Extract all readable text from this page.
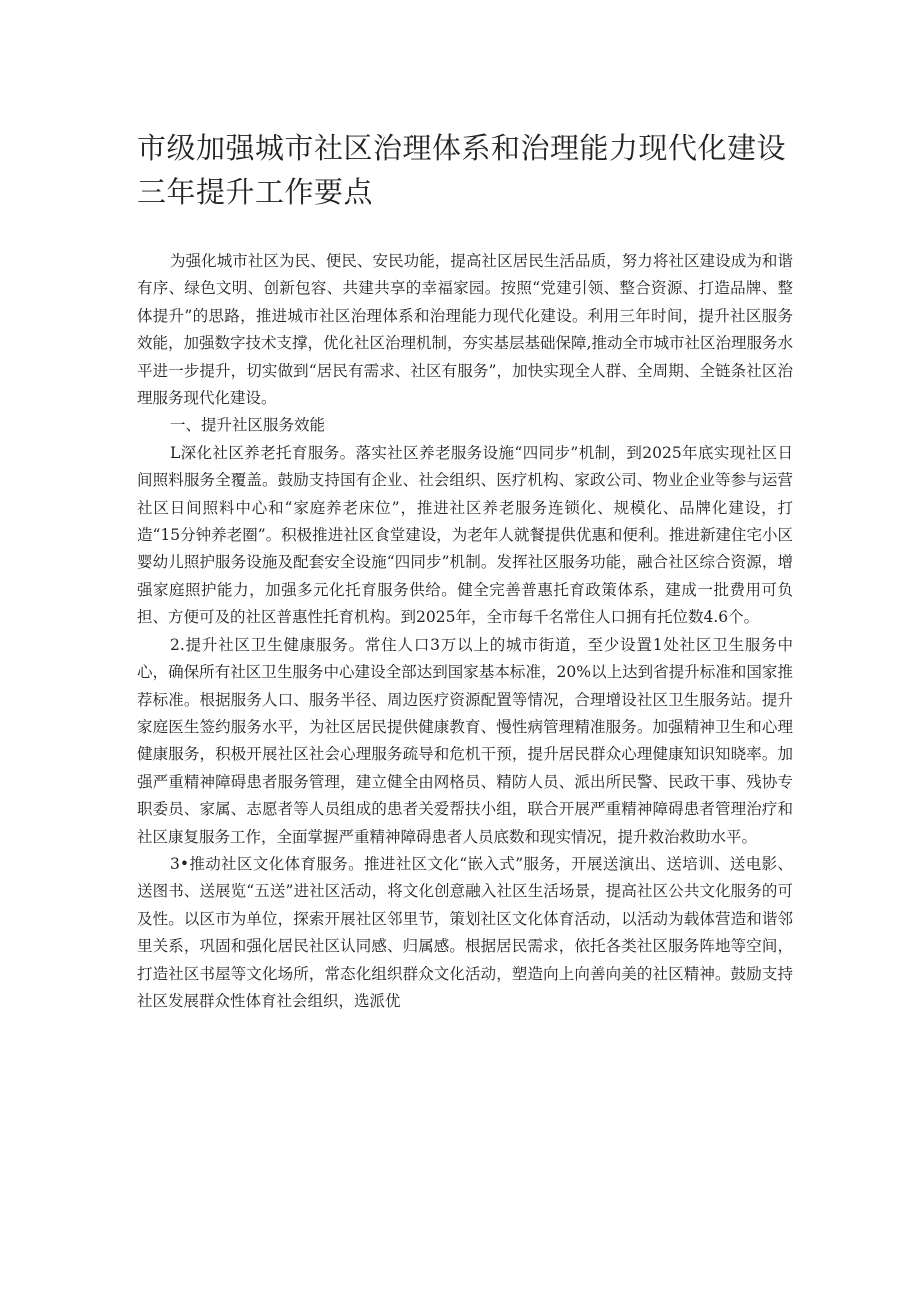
市级加强城市社区治理体系和治理能力现代化建设三年提升工作要点

为强化城市社区为民、便民、安民功能，提高社区居民生活品质，努力将社区建设成为和谐有序、绿色文明、创新包容、共建共享的幸福家园。按照“党建引领、整合资源、打造品牌、整体提升”的思路，推进城市社区治理体系和治理能力现代化建设。利用三年时间，提升社区服务效能，加强数字技术支撑，优化社区治理机制，夯实基层基础保障,推动全市城市社区治理服务水平进一步提升，切实做到“居民有需求、社区有服务”，加快实现全人群、全周期、全链条社区治理服务现代化建设。

一、提升社区服务效能

L深化社区养老托育服务。落实社区养老服务设施“四同步”机制，到2025年底实现社区日间照料服务全覆盖。鼓励支持国有企业、社会组织、医疗机构、家政公司、物业企业等参与运营社区日间照料中心和“家庭养老床位”，推进社区养老服务连锁化、规模化、品牌化建设，打造“15分钟养老圈”。积极推进社区食堂建设，为老年人就餐提供优惠和便利。推进新建住宅小区婴幼儿照护服务设施及配套安全设施“四同步”机制。发挥社区服务功能，融合社区综合资源，增强家庭照护能力，加强多元化托育服务供给。健全完善普惠托育政策体系，建成一批费用可负担、方便可及的社区普惠性托育机构。到2025年，全市每千名常住人口拥有托位数4.6个。

2.提升社区卫生健康服务。常住人口3万以上的城市街道，至少设置1处社区卫生服务中心，确保所有社区卫生服务中心建设全部达到国家基本标准，20%以上达到省提升标准和国家推荐标准。根据服务人口、服务半径、周边医疗资源配置等情况，合理增设社区卫生服务站。提升家庭医生签约服务水平，为社区居民提供健康教育、慢性病管理精准服务。加强精神卫生和心理健康服务，积极开展社区社会心理服务疏导和危机干预，提升居民群众心理健康知识知晓率。加强严重精神障碍患者服务管理，建立健全由网格员、精防人员、派出所民警、民政干事、残协专职委员、家属、志愿者等人员组成的患者关爱帮扶小组，联合开展严重精神障碍患者管理治疗和社区康复服务工作，全面掌握严重精神障碍患者人员底数和现实情况，提升救治救助水平。

3•推动社区文化体育服务。推进社区文化“嵌入式”服务，开展送演出、送培训、送电影、送图书、送展览“五送”进社区活动，将文化创意融入社区生活场景，提高社区公共文化服务的可及性。以区市为单位，探索开展社区邻里节，策划社区文化体育活动，以活动为载体营造和谐邻里关系，巩固和强化居民社区认同感、归属感。根据居民需求，依托各类社区服务阵地等空间，打造社区书屋等文化场所，常态化组织群众文化活动，塑造向上向善向美的社区精神。鼓励支持社区发展群众性体育社会组织，选派优
